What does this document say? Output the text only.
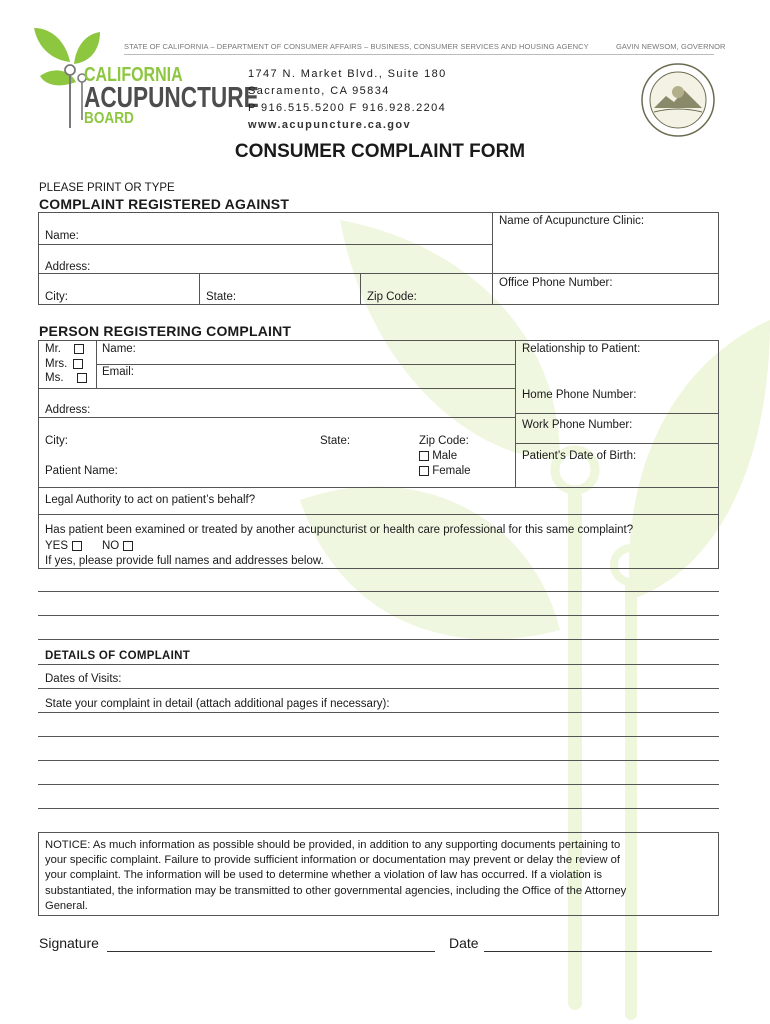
CALIFORNIA
ACUPUNCTURE
BOARD
STATE OF CALIFORNIA – DEPARTMENT OF CONSUMER AFFAIRS – BUSINESS, CONSUMER SERVICES AND HOUSING AGENCY	GAVIN NEWSOM, GOVERNOR
1747 N. Market Blvd., Suite 180
Sacramento, CA 95834
P 916.515.5200 F 916.928.2204
www.acupuncture.ca.gov
CONSUMER COMPLAINT FORM
PLEASE PRINT OR TYPE
COMPLAINT REGISTERED AGAINST
Name:
Name of Acupuncture Clinic:
Address:
City:	State:	Zip Code:
Office Phone Number:
PERSON REGISTERING COMPLAINT
Mr.
Mrs.
Ms.
Name:
Email:
Relationship to Patient:
Home Phone Number:
Address:
Work Phone Number:
City:	State:	Zip Code:
Male
Female
Patient Name:
Patient’s Date of Birth:
Legal Authority to act on patient’s behalf?
Has patient been examined or treated by another acupuncturist or health care professional for this same complaint?
YES	NO
If yes, please provide full names and addresses below.
DETAILS OF COMPLAINT
Dates of Visits:
State your complaint in detail (attach additional pages if necessary):
NOTICE: As much information as possible should be provided, in addition to any supporting documents pertaining to
your specific complaint. Failure to provide sufficient information or documentation may prevent or delay the review of
your complaint. The information will be used to determine whether a violation of law has occurred. If a violation is
substantiated, the information may be transmitted to other governmental agencies, including the Office of the Attorney
General.
Signature	Date
